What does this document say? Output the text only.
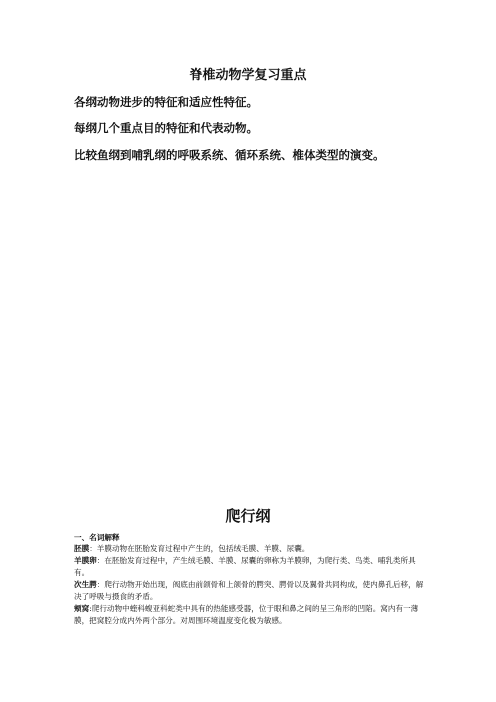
脊椎动物学复习重点

各纲动物进步的特征和适应性特征。

每纲几个重点目的特征和代表动物。

比较鱼纲到哺乳纲的呼吸系统、循环系统、椎体类型的演变。

爬行纲

一、名词解释

胚膜：羊膜动物在胚胎发育过程中产生的，包括绒毛膜、羊膜、尿囊。

羊膜卵：在胚胎发育过程中，产生绒毛膜、羊膜、尿囊的卵称为羊膜卵，为爬行类、鸟类、哺乳类所具有。

次生腭：爬行动物开始出现，阀底由前颌骨和上颌骨的腭突、腭骨以及翼骨共同构成，使内鼻孔后移，解决了呼吸与摄食的矛盾。

颊窝:爬行动物中蝰科蝮亚科蛇类中具有的热能感受器，位于眼和鼻之间的呈三角形的凹陷。窝内有一薄膜，把窝腔分成内外两个部分。对周围环境温度变化极为敏感。
